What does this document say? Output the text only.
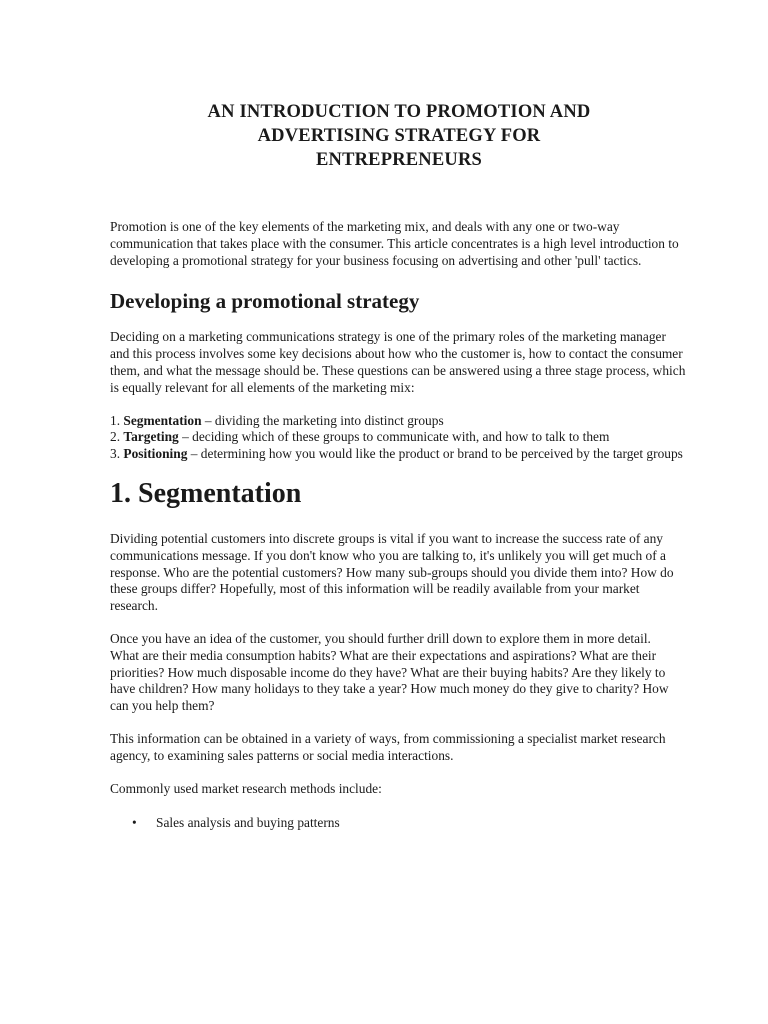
AN INTRODUCTION TO PROMOTION AND
ADVERTISING STRATEGY FOR
ENTREPRENEURS

Promotion is one of the key elements of the marketing mix, and deals with any one or two-way communication that takes place with the consumer. This article concentrates is a high level introduction to developing a promotional strategy for your business focusing on advertising and other 'pull' tactics.

Developing a promotional strategy

Deciding on a marketing communications strategy is one of the primary roles of the marketing manager and this process involves some key decisions about how who the customer is, how to contact the consumer them, and what the message should be. These questions can be answered using a three stage process, which is equally relevant for all elements of the marketing mix:

1. Segmentation – dividing the marketing into distinct groups
2. Targeting – deciding which of these groups to communicate with, and how to talk to them
3. Positioning – determining how you would like the product or brand to be perceived by the target groups
1. Segmentation

Dividing potential customers into discrete groups is vital if you want to increase the success rate of any communications message. If you don't know who you are talking to, it's unlikely you will get much of a response. Who are the potential customers? How many sub-groups should you divide them into? How do these groups differ? Hopefully, most of this information will be readily available from your market research.

Once you have an idea of the customer, you should further drill down to explore them in more detail.

What are their media consumption habits? What are their expectations and aspirations? What are their priorities? How much disposable income do they have? What are their buying habits? Are they likely to have children? How many holidays to they take a year? How much money do they give to charity? How can you help them?

This information can be obtained in a variety of ways, from commissioning a specialist market research agency, to examining sales patterns or social media interactions.

Commonly used market research methods include:

• Sales analysis and buying patterns
